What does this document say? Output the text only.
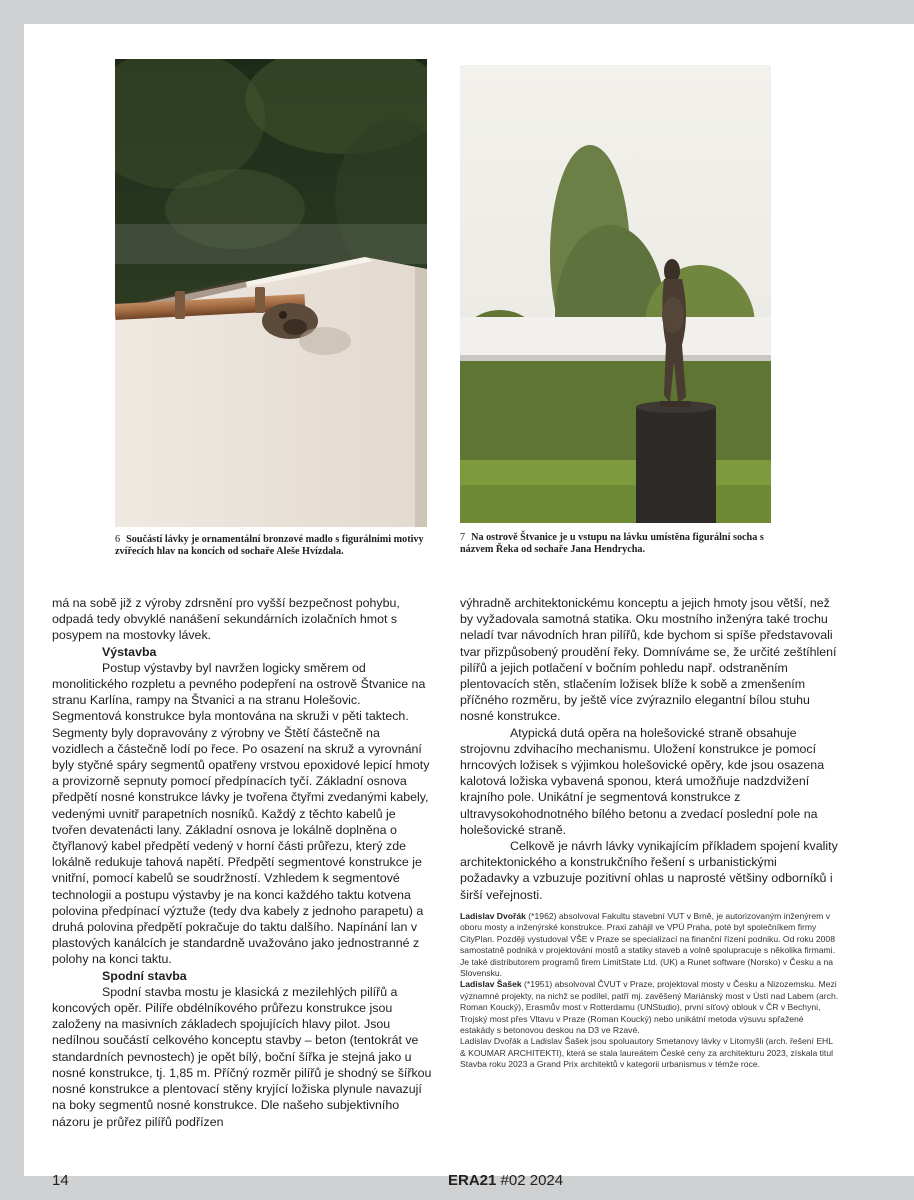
6 Součástí lávky je ornamentální bronzové madlo s figurálními motivy zvířecích hlav na koncích od sochaře Aleše Hvízdala.
7 Na ostrově Štvanice je u vstupu na lávku umístěna figurální socha s názvem Řeka od sochaře Jana Hendrycha.

má na sobě již z výroby zdrsnění pro vyšší bezpečnost pohybu, odpadá tedy obvyklé nanášení sekundárních izolačních hmot s posypem na mostovky lávek.

Výstavba

Postup výstavby byl navržen logicky směrem od monolitického rozpletu a pevného podepření na ostrově Štvanice na stranu Karlína, rampy na Štvanici a na stranu Holešovic. Segmentová konstrukce byla montována na skruži v pěti taktech. Segmenty byly dopravovány z výrobny ve Štětí částečně na vozidlech a částečně lodí po řece. Po osazení na skruž a vyrovnání byly styčné spáry segmentů opatřeny vrstvou epoxidové lepicí hmoty a provizorně sepnuty pomocí předpínacích tyčí. Základní osnova předpětí nosné konstrukce lávky je tvořena čtyřmi zvedanými kabely, vedenými uvnitř parapetních nosníků. Každý z těchto kabelů je tvořen devatenácti lany. Základní osnova je lokálně doplněna o čtyřlanový kabel předpětí vedený v horní části průřezu, který zde lokálně redukuje tahová napětí. Předpětí segmentové konstrukce je vnitřní, pomocí kabelů se soudržností. Vzhledem k segmentové technologii a postupu výstavby je na konci každého taktu kotvena polovina předpínací výztuže (tedy dva kabely z jednoho parapetu) a druhá polovina předpětí pokračuje do taktu dalšího. Napínání lan v plastových kanálcích je standardně uvažováno jako jednostranné z polohy na konci taktu.

Spodní stavba

Spodní stavba mostu je klasická z mezilehlých pilířů a koncových opěr. Pilíře obdélníkového průřezu konstrukce jsou založeny na masivních základech spojujících hlavy pilot. Jsou nedílnou součástí celkového konceptu stavby – beton (tentokrát ve standardních pevnostech) je opět bílý, boční šířka je stejná jako u nosné konstrukce, tj. 1,85 m. Příčný rozměr pilířů je shodný se šířkou nosné konstrukce a plentovací stěny kryjící ložiska plynule navazují na boky segmentů nosné konstrukce. Dle našeho subjektivního názoru je průřez pilířů podřízen

výhradně architektonickému konceptu a jejich hmoty jsou větší, než by vyžadovala samotná statika. Oku mostního inženýra také trochu neladí tvar návodních hran pilířů, kde bychom si spíše představovali tvar přizpůsobený proudění řeky. Domníváme se, že určité zeštíhlení pilířů a jejich potlačení v bočním pohledu např. odstraněním plentovacích stěn, stlačením ložisek blíže k sobě a zmenšením příčného rozměru, by ještě více zvýraznilo elegantní bílou stuhu nosné konstrukce.

Atypická dutá opěra na holešovické straně obsahuje strojovnu zdvihacího mechanismu. Uložení konstrukce je pomocí hrncových ložisek s výjimkou holešovické opěry, kde jsou osazena kalotová ložiska vybavená sponou, která umožňuje nadzdvižení krajního pole. Unikátní je segmentová konstrukce z ultravysokohodnotného bílého betonu a zvedací poslední pole na holešovické straně.

Celkově je návrh lávky vynikajícím příkladem spojení kvality architektonického a konstrukčního řešení s urbanistickými požadavky a vzbuzuje pozitivní ohlas u naprosté většiny odborníků i širší veřejnosti.

Ladislav Dvořák (*1962) absolvoval Fakultu stavební VUT v Brně, je autorizovaným inženýrem v oboru mosty a inženýrské konstrukce. Praxi zahájil ve VPÚ Praha, poté byl společníkem firmy CityPlan. Později vystudoval VŠE v Praze se specializací na finanční řízení podniku. Od roku 2008 samostatně podniká v projektování mostů a statiky staveb a volně spolupracuje s několika firmami. Je také distributorem programů firem LimitState Ltd. (UK) a Runet software (Norsko) v Česku a na Slovensku.

Ladislav Šašek (*1951) absolvoval ČVUT v Praze, projektoval mosty v Česku a Nizozemsku. Mezi významné projekty, na nichž se podílel, patří mj. zavěšený Mariánský most v Ústí nad Labem (arch. Roman Koucký), Erasmův most v Rotterdamu (UNStudio), první síťový oblouk v ČR v Bechyni, Trojský most přes Vltavu v Praze (Roman Koucký) nebo unikátní metoda výsuvu spřažené estakády s betonovou deskou na D3 ve Rzavé.

Ladislav Dvořák a Ladislav Šašek jsou spoluautory Smetanovy lávky v Litomyšli (arch. řešení EHL & KOUMAR ARCHITEKTI), která se stala laureátem České ceny za architekturu 2023, získala titul Stavba roku 2023 a Grand Prix architektů v kategorii urbanismus v témže roce.

14	ERA21 #02 2024
